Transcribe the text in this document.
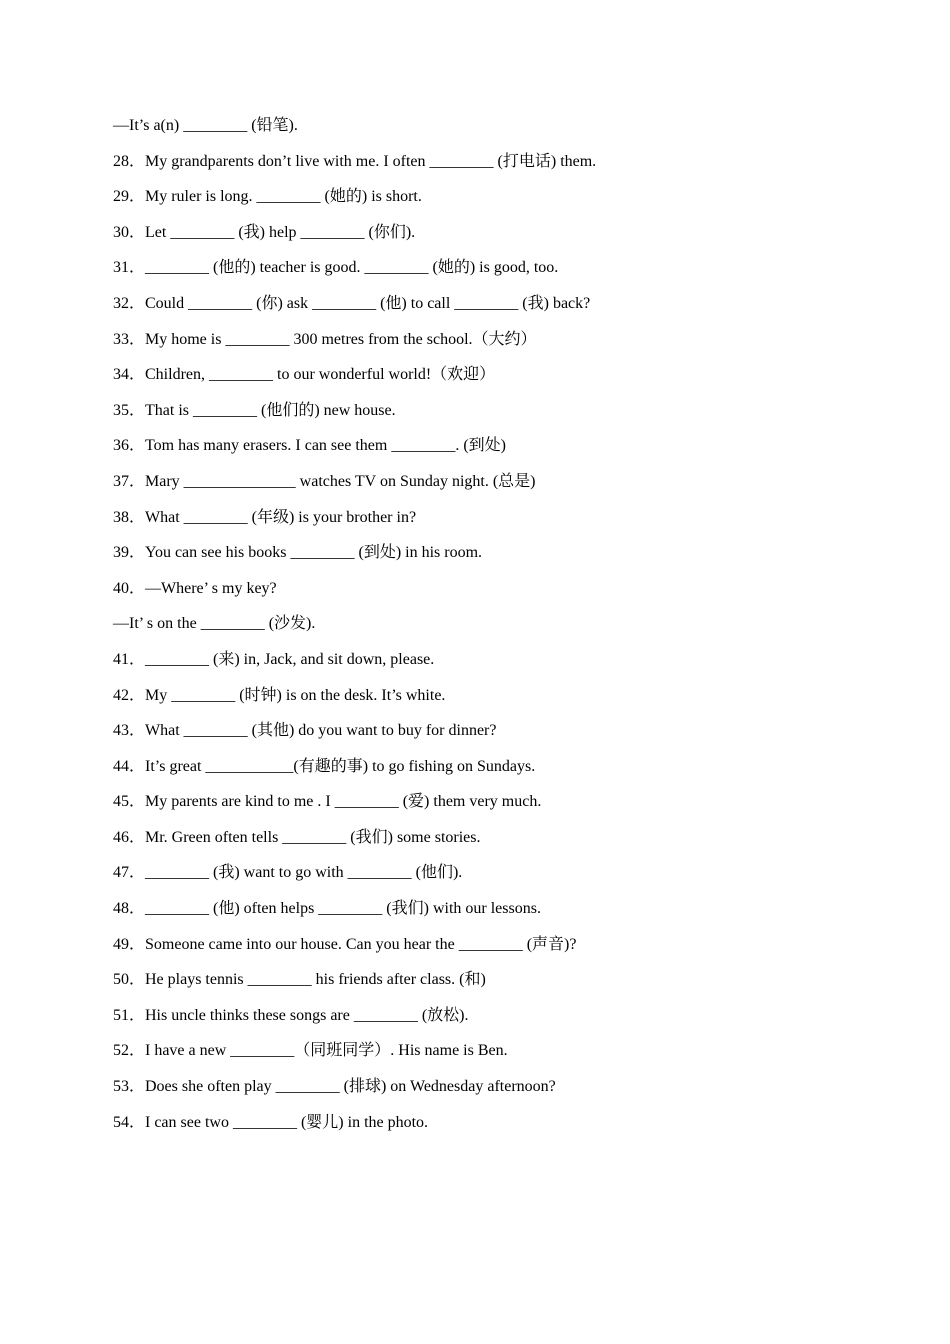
—It’s a(n) ________ (铅笔).
28．My grandparents don’t live with me. I often ________ (打电话) them.
29．My ruler is long. ________ (她的) is short.
30．Let ________ (我) help ________ (你们).
31．________ (他的) teacher is good. ________ (她的) is good, too.
32．Could ________ (你) ask ________ (他) to call ________ (我) back?
33．My home is ________ 300 metres from the school.（大约）
34．Children, ________ to our wonderful world!（欢迎）
35．That is ________ (他们的) new house.
36．Tom has many erasers. I can see them ________. (到处)
37．Mary ______________ watches TV on Sunday night. (总是)
38．What ________ (年级) is your brother in?
39．You can see his books ________ (到处) in his room.
40．—Where’ s my key?
—It’ s on the ________ (沙发).
41．________ (来) in, Jack, and sit down, please.
42．My ________ (时钟) is on the desk. It’s white.
43．What ________ (其他) do you want to buy for dinner?
44．It’s great ___________(有趣的事) to go fishing on Sundays.
45．My parents are kind to me . I ________ (爱) them very much.
46．Mr. Green often tells ________ (我们) some stories.
47．________ (我) want to go with ________ (他们).
48．________ (他) often helps ________ (我们) with our lessons.
49．Someone came into our house. Can you hear the ________ (声音)?
50．He plays tennis ________ his friends after class. (和)
51．His uncle thinks these songs are ________ (放松).
52．I have a new ________（同班同学）. His name is Ben.
53．Does she often play ________ (排球) on Wednesday afternoon?
54．I can see two ________ (婴儿) in the photo.
